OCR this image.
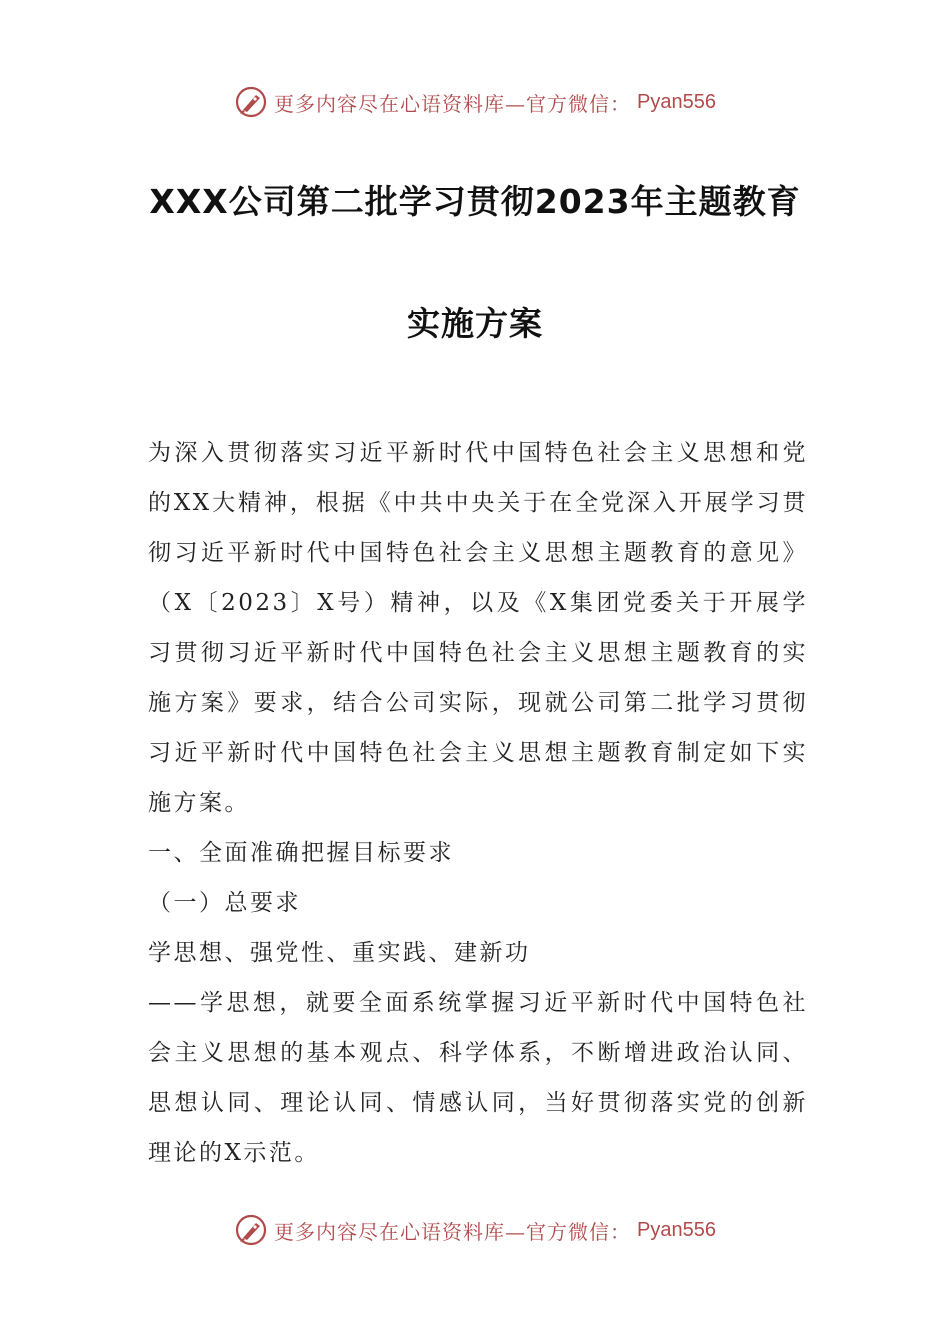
更多内容尽在心语资料库—官方微信： Pyan556
XXX公司第二批学习贯彻2023年主题教育
实施方案

为深入贯彻落实习近平新时代中国特色社会主义思想和党的XX大精神，根据《中共中央关于在全党深入开展学习贯彻习近平新时代中国特色社会主义思想主题教育的意见》（X〔2023〕X号）精神，以及《X集团党委关于开展学习贯彻习近平新时代中国特色社会主义思想主题教育的实施方案》要求，结合公司实际，现就公司第二批学习贯彻习近平新时代中国特色社会主义思想主题教育制定如下实施方案。

一、全面准确把握目标要求

（一）总要求

学思想、强党性、重实践、建新功

——学思想，就要全面系统掌握习近平新时代中国特色社会主义思想的基本观点、科学体系，不断增进政治认同、思想认同、理论认同、情感认同，当好贯彻落实党的创新理论的X示范。

更多内容尽在心语资料库—官方微信： Pyan556
